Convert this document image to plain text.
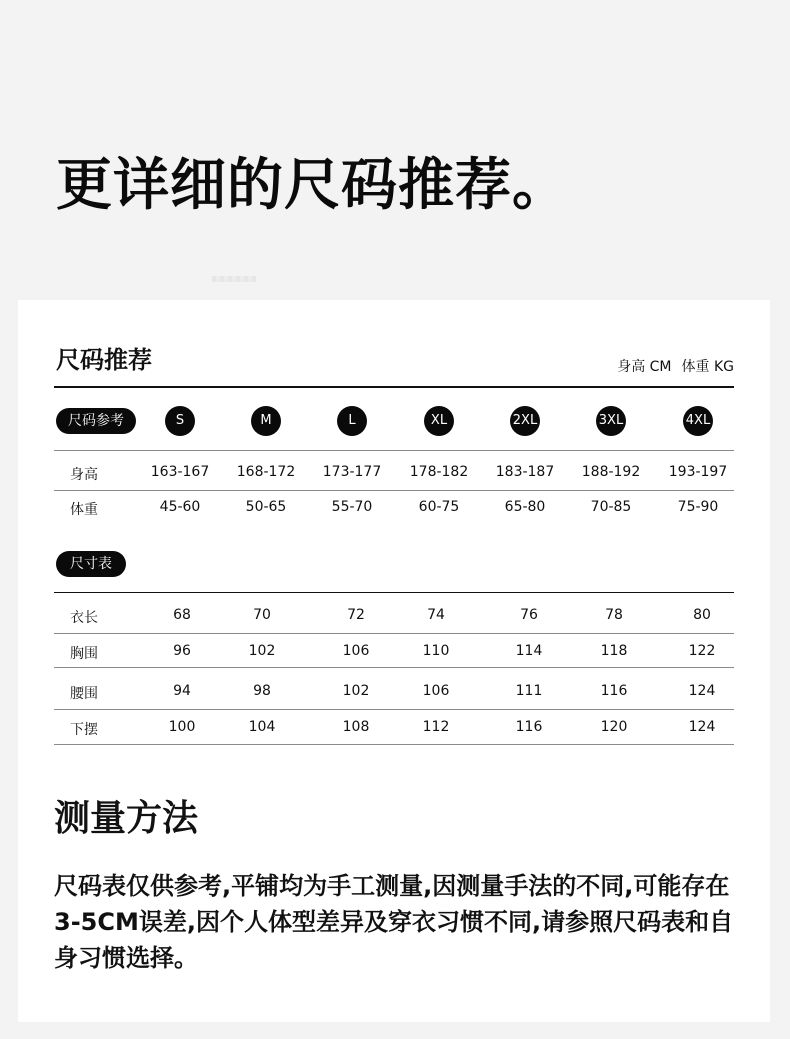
更详细的尺码推荐。
尺码推荐	身高 CM 体重 KG
尺码参考	S	M	L	XL	2XL	3XL	4XL
身高	163-167	168-172	173-177	178-182	183-187	188-192	193-197
体重	45-60	50-65	55-70	60-75	65-80	70-85	75-90
尺寸表
衣长	68	70	72	74	76	78	80
胸围	96	102	106	110	114	118	122
腰围	94	98	102	106	111	116	124
下摆	100	104	108	112	116	120	124
测量方法

尺码表仅供参考,平铺均为手工测量,因测量手法的不同,可能存在3-5CM误差,因个人体型差异及穿衣习惯不同,请参照尺码表和自身习惯选择。
